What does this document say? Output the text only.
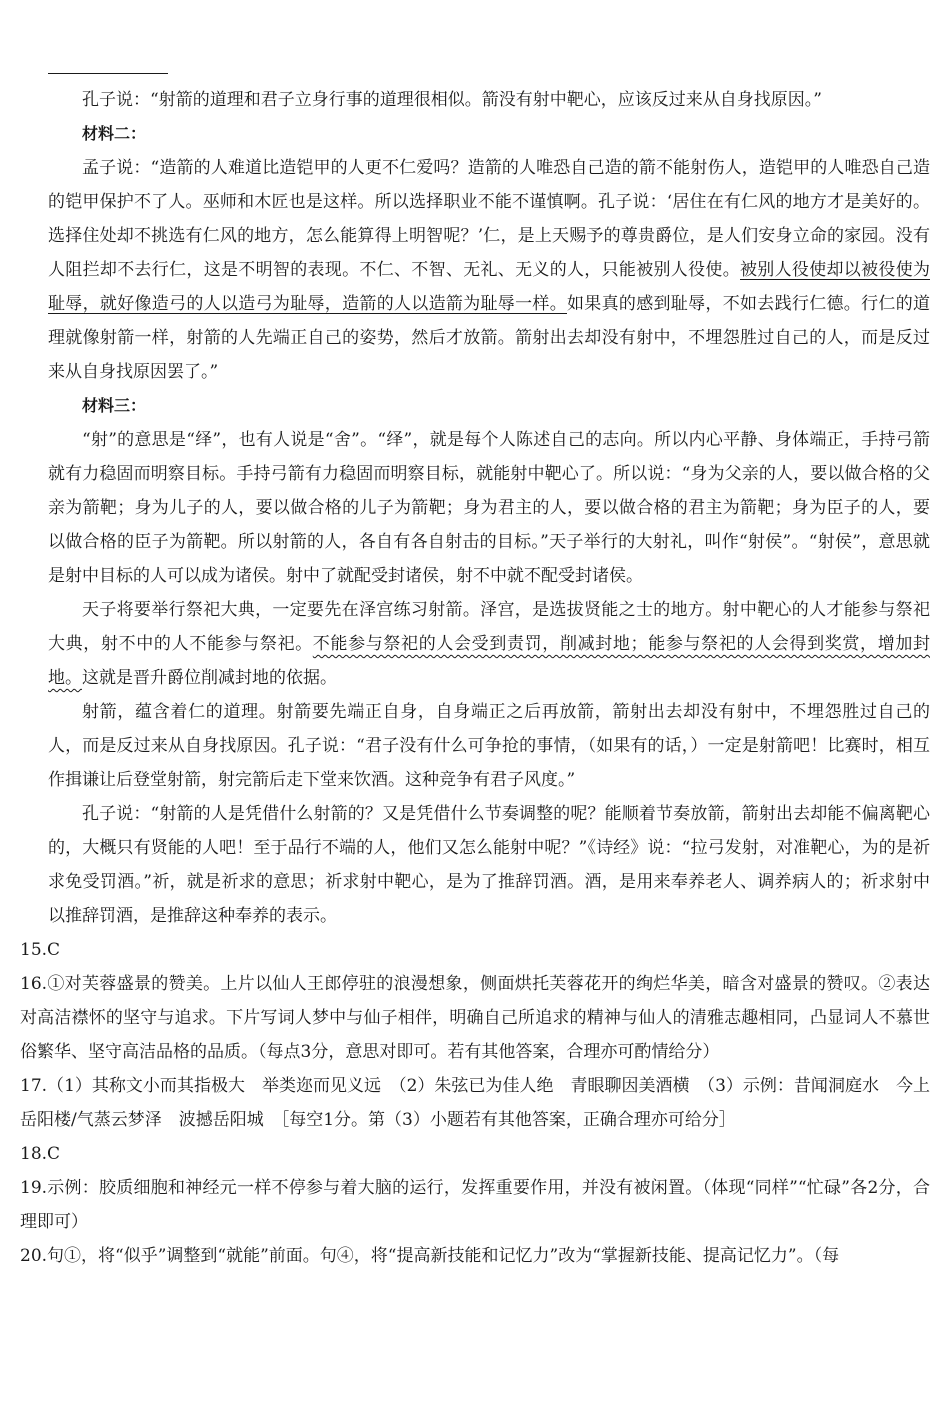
孔子说：“射箭的道理和君子立身行事的道理很相似。箭没有射中靶心，应该反过来从自身找原因。”

材料二：

孟子说：“造箭的人难道比造铠甲的人更不仁爱吗？造箭的人唯恐自己造的箭不能射伤人，造铠甲的人唯恐自己造的铠甲保护不了人。巫师和木匠也是这样。所以选择职业不能不谨慎啊。孔子说：‘居住在有仁风的地方才是美好的。选择住处却不挑选有仁风的地方，怎么能算得上明智呢？’仁，是上天赐予的尊贵爵位，是人们安身立命的家园。没有人阻拦却不去行仁，这是不明智的表现。不仁、不智、无礼、无义的人，只能被别人役使。被别人役使却以被役使为耻辱，就好像造弓的人以造弓为耻辱，造箭的人以造箭为耻辱一样。如果真的感到耻辱，不如去践行仁德。行仁的道理就像射箭一样，射箭的人先端正自己的姿势，然后才放箭。箭射出去却没有射中，不埋怨胜过自己的人，而是反过来从自身找原因罢了。”

材料三：

“射”的意思是“绎”，也有人说是“舍”。“绎”，就是每个人陈述自己的志向。所以内心平静、身体端正，手持弓箭就有力稳固而明察目标。手持弓箭有力稳固而明察目标，就能射中靶心了。所以说：“身为父亲的人，要以做合格的父亲为箭靶；身为儿子的人，要以做合格的儿子为箭靶；身为君主的人，要以做合格的君主为箭靶；身为臣子的人，要以做合格的臣子为箭靶。所以射箭的人，各自有各自射击的目标。”天子举行的大射礼，叫作“射侯”。“射侯”，意思就是射中目标的人可以成为诸侯。射中了就配受封诸侯，射不中就不配受封诸侯。

天子将要举行祭祀大典，一定要先在泽宫练习射箭。泽宫，是选拔贤能之士的地方。射中靶心的人才能参与祭祀大典，射不中的人不能参与祭祀。不能参与祭祀的人会受到责罚，削减封地；能参与祭祀的人会得到奖赏，增加封地。这就是晋升爵位削减封地的依据。

射箭，蕴含着仁的道理。射箭要先端正自身，自身端正之后再放箭，箭射出去却没有射中，不埋怨胜过自己的人，而是反过来从自身找原因。孔子说：“君子没有什么可争抢的事情，（如果有的话，）一定是射箭吧！比赛时，相互作揖谦让后登堂射箭，射完箭后走下堂来饮酒。这种竞争有君子风度。”

孔子说：“射箭的人是凭借什么射箭的？又是凭借什么节奏调整的呢？能顺着节奏放箭，箭射出去却能不偏离靶心的，大概只有贤能的人吧！至于品行不端的人，他们又怎么能射中呢？”《诗经》说：“拉弓发射，对准靶心，为的是祈求免受罚酒。”祈，就是祈求的意思；祈求射中靶心，是为了推辞罚酒。酒，是用来奉养老人、调养病人的；祈求射中以推辞罚酒，是推辞这种奉养的表示。

15.C

16.①对芙蓉盛景的赞美。上片以仙人王郎停驻的浪漫想象，侧面烘托芙蓉花开的绚烂华美，暗含对盛景的赞叹。②表达对高洁襟怀的坚守与追求。下片写词人梦中与仙子相伴，明确自己所追求的精神与仙人的清雅志趣相同，凸显词人不慕世俗繁华、坚守高洁品格的品质。（每点3分，意思对即可。若有其他答案，合理亦可酌情给分）

17.（1）其称文小而其指极大　举类迩而见义远　（2）朱弦已为佳人绝　青眼聊因美酒横　（3）示例：昔闻洞庭水　今上岳阳楼/气蒸云梦泽　波撼岳阳城　［每空1分。第（3）小题若有其他答案，正确合理亦可给分］

18.C

19.示例：胶质细胞和神经元一样不停参与着大脑的运行，发挥重要作用，并没有被闲置。（体现“同样”“忙碌”各2分，合理即可）

20.句①，将“似乎”调整到“就能”前面。句④，将“提高新技能和记忆力”改为“掌握新技能、提高记忆力”。（每
